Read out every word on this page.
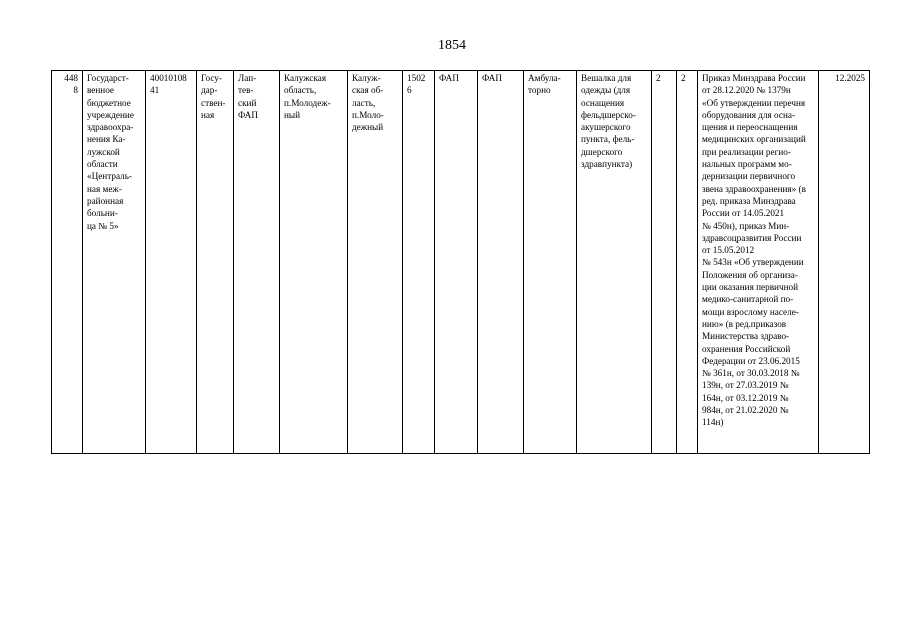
1854
448
8	Государст-
венное
бюджетное
учреждение
здравоохра-
нения Ка-
лужской
области
«Централь-
ная меж-
районная
больни-
ца № 5»	40010108
41	Госу-
дар-
ствен-
ная	Лап-
тев-
ский
ФАП	Калужская
область,
п.Молодеж-
ный	Калуж-
ская об-
ласть,
п.Моло-
дежный	1502
6	ФАП	ФАП	Амбула-
торно	Вешалка для
одежды (для
оснащения
фельдшерско-
акушерского
пункта, фель-
дшерского
здравпункта)	2	2	Приказ Минздрава России
от 28.12.2020 № 1379н
«Об утверждении перечня
оборудования для осна-
щения и переоснащения
медицинских организаций
при реализации регио-
нальных программ мо-
дернизации первичного
звена здравоохранения» (в
ред. приказа Минздрава
России от 14.05.2021
№ 450н), приказ Мин-
здравсоцразвития России
от 15.05.2012
№ 543н «Об утверждении
Положения об организа-
ции оказания первичной
медико-санитарной по-
мощи взрослому населе-
нию» (в ред.приказов
Министерства здраво-
охранения Российской
Федерации от 23.06.2015
№ 361н, от 30.03.2018 №
139н, от 27.03.2019 №
164н, от 03.12.2019 №
984н, от 21.02.2020 №
114н)	12.2025
